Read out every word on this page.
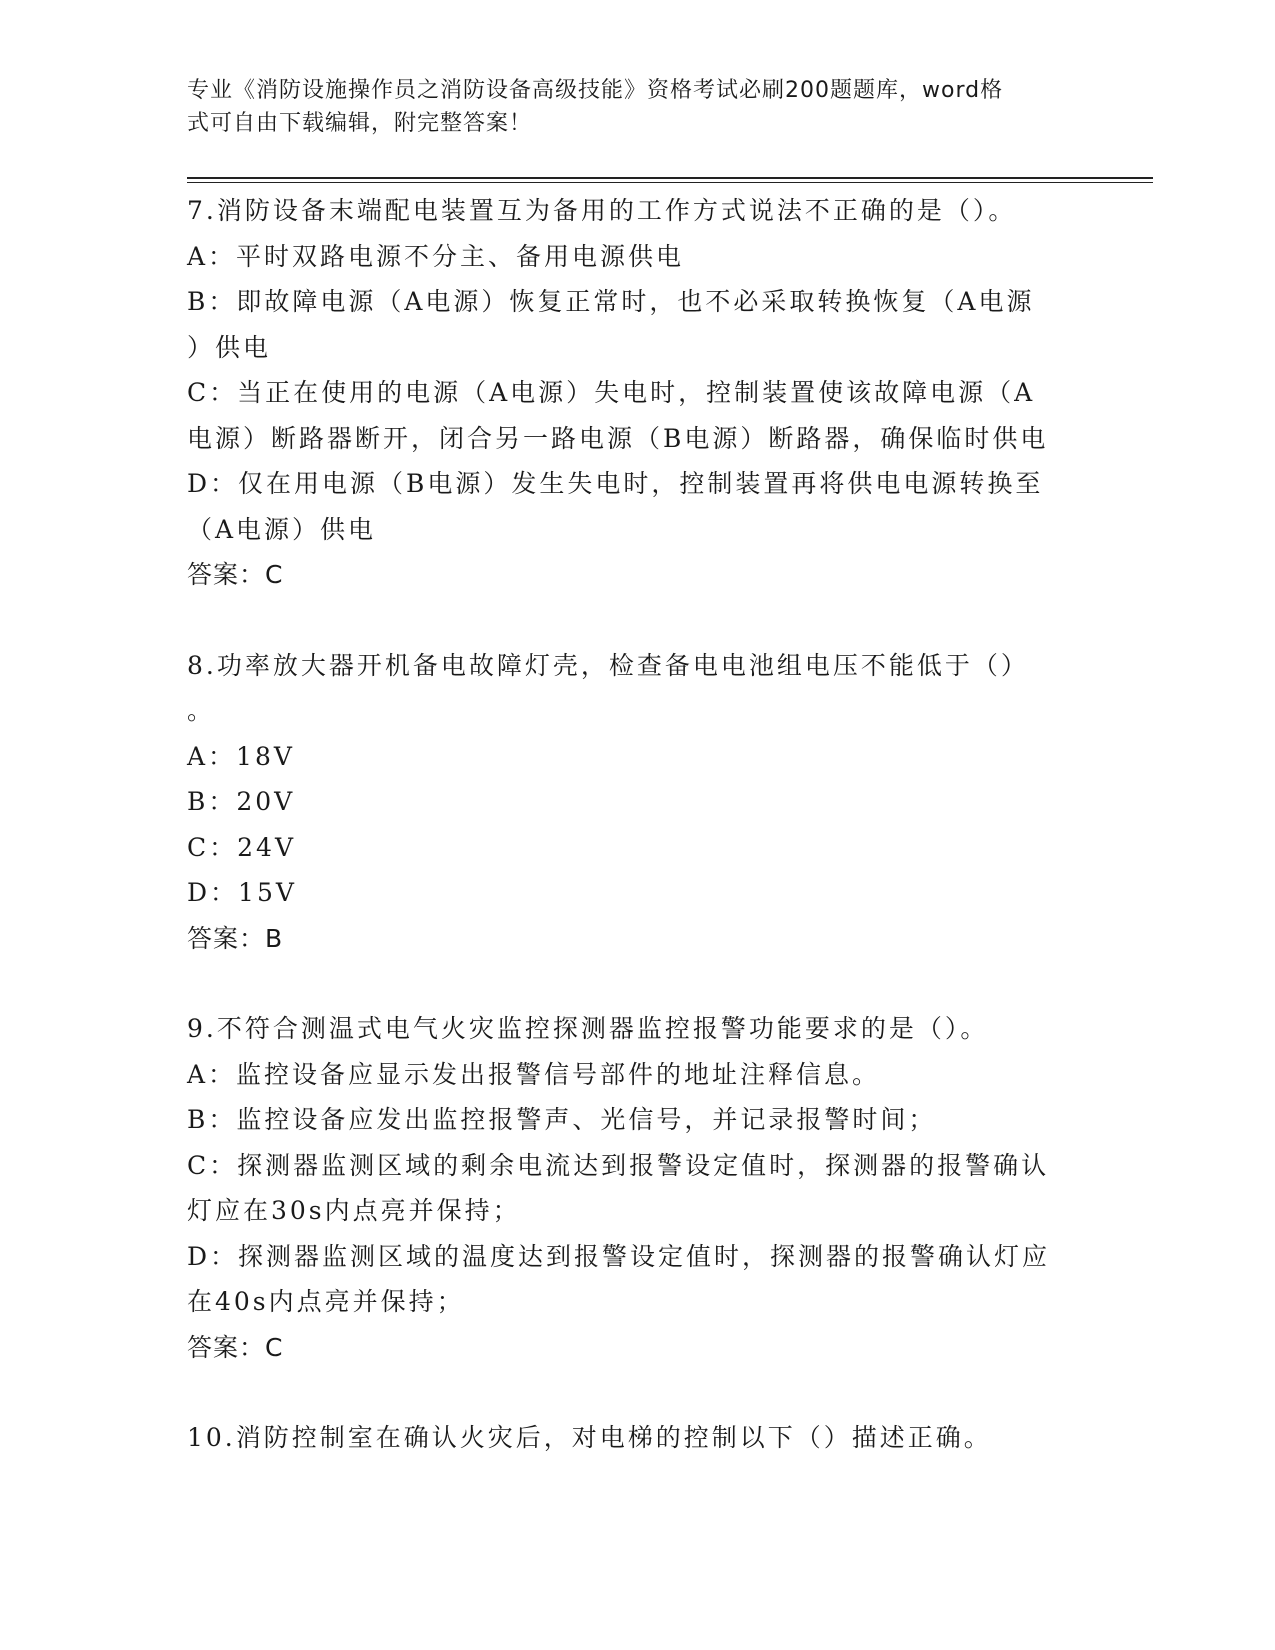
专业《消防设施操作员之消防设备高级技能》资格考试必刷200题题库，word格
式可自由下载编辑，附完整答案！
7.消防设备末端配电装置互为备用的工作方式说法不正确的是（）。
A：平时双路电源不分主、备用电源供电
B：即故障电源（A电源）恢复正常时，也不必采取转换恢复（A电源
）供电
C：当正在使用的电源（A电源）失电时，控制装置使该故障电源（A
电源）断路器断开，闭合另一路电源（B电源）断路器，确保临时供电
D：仅在用电源（B电源）发生失电时，控制装置再将供电电源转换至
（A电源）供电
答案：C
8.功率放大器开机备电故障灯壳，检查备电电池组电压不能低于（）
。
A：18V
B：20V
C：24V
D：15V
答案：B
9.不符合测温式电气火灾监控探测器监控报警功能要求的是（）。
A：监控设备应显示发出报警信号部件的地址注释信息。
B：监控设备应发出监控报警声、光信号，并记录报警时间；
C：探测器监测区域的剩余电流达到报警设定值时，探测器的报警确认
灯应在30s内点亮并保持；
D：探测器监测区域的温度达到报警设定值时，探测器的报警确认灯应
在40s内点亮并保持；
答案：C
10.消防控制室在确认火灾后，对电梯的控制以下（）描述正确。
